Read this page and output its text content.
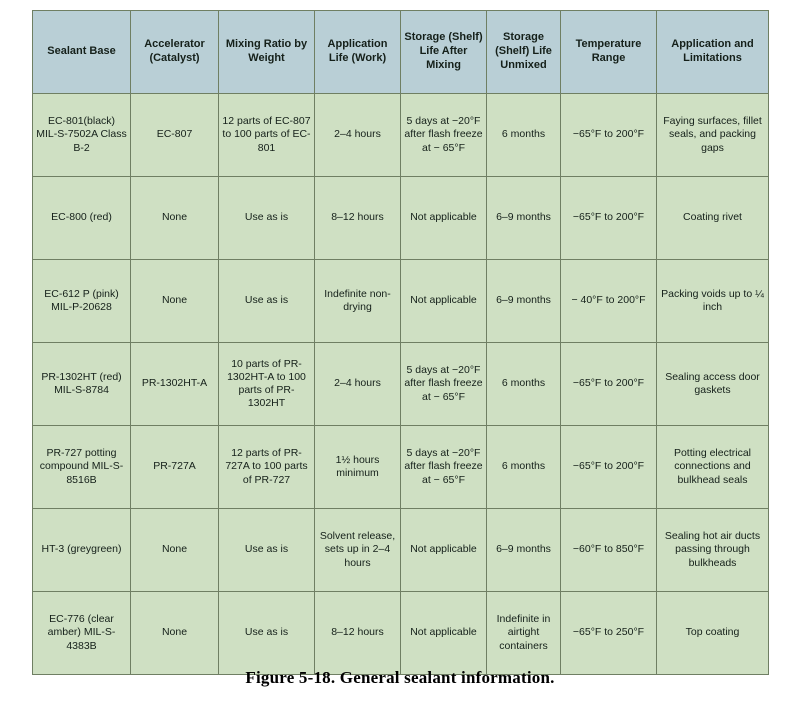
Sealant Base	Accelerator (Catalyst)	Mixing Ratio by Weight	Application Life (Work)	Storage (Shelf) Life After Mixing	Storage (Shelf) Life Unmixed	Temperature Range	Application and Limitations
EC-801(black) MIL-S-7502A Class B-2	EC-807	12 parts of EC-807 to 100 parts of EC-801	2–4 hours	5 days at −20°F after flash freeze at − 65°F	6 months	−65°F to 200°F	Faying surfaces, fillet seals, and packing gaps
EC-800 (red)	None	Use as is	8–12 hours	Not applicable	6–9 months	−65°F to 200°F	Coating rivet
EC-612 P (pink) MIL-P-20628	None	Use as is	Indefinite non-drying	Not applicable	6–9 months	− 40°F to 200°F	Packing voids up to ¼ inch
PR-1302HT (red) MIL-S-8784	PR-1302HT-A	10 parts of PR-1302HT-A to 100 parts of PR-1302HT	2–4 hours	5 days at −20°F after flash freeze at − 65°F	6 months	−65°F to 200°F	Sealing access door gaskets
PR-727 potting compound MIL-S-8516B	PR-727A	12 parts of PR-727A to 100 parts of PR-727	1½ hours minimum	5 days at −20°F after flash freeze at − 65°F	6 months	−65°F to 200°F	Potting electrical connections and bulkhead seals
HT-3 (greygreen)	None	Use as is	Solvent release, sets up in 2–4 hours	Not applicable	6–9 months	−60°F to 850°F	Sealing hot air ducts passing through bulkheads
EC-776 (clear amber) MIL-S-4383B	None	Use as is	8–12 hours	Not applicable	Indefinite in airtight containers	−65°F to 250°F	Top coating
Figure 5-18. General sealant information.
